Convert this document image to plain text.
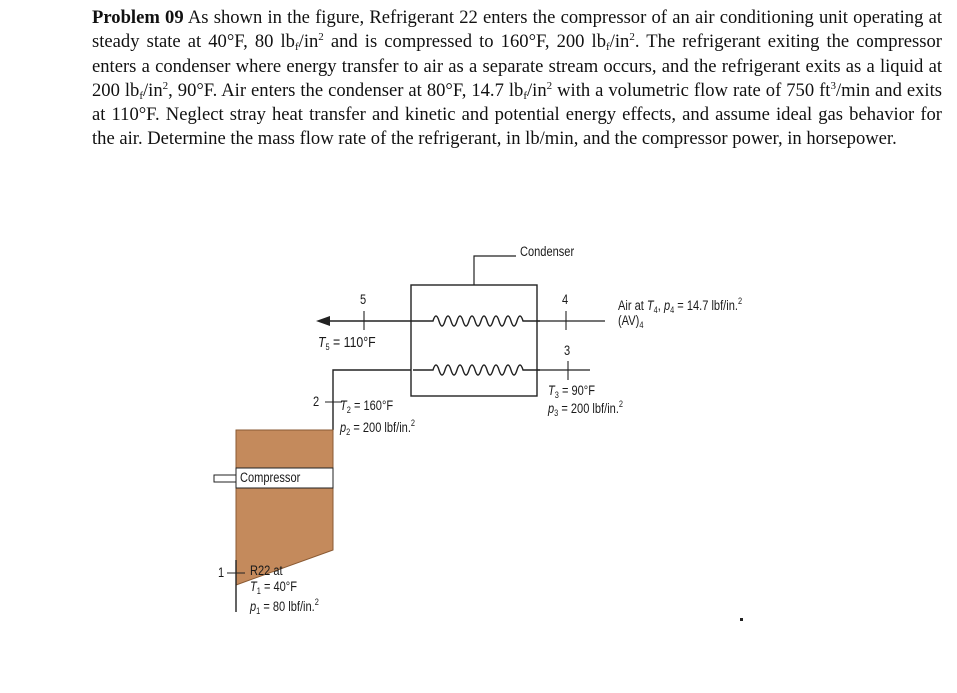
Problem 09 As shown in the figure, Refrigerant 22 enters the compressor of an air conditioning unit operating at steady state at 40°F, 80 $lb_f/in^2$ and is compressed to 160°F, 200 $lb_f/in^2$. The refrigerant exiting the compressor enters a condenser where energy transfer to air as a separate stream occurs, and the refrigerant exits as a liquid at 200 $lb_f/in^2$, 90°F. Air enters the condenser at 80°F, 14.7 $lb_f/in^2$ with a volumetric flow rate of 750 $ft^3/\min$ and exits at 110°F. Neglect stray heat transfer and kinetic and potential energy effects, and assume ideal gas behavior for the air. Determine the mass flow rate of the refrigerant, in lb/min, and the compressor power, in horsepower.
Condenser
Compressor
5	4
3
2
1
$T_5 = 110^\circ F$
Air at $T_4$, $p_4 = 14.7$ lbf/in.$^2$
$(AV)_4$
$T_3 = 90^\circ F$
$p_3 = 200$ lbf/in.$^2$
$T_2 = 160^\circ F$
$p_2 = 200$ lbf/in.$^2$
R22 at
$T_1 = 40^\circ F$
$p_1 = 80$ lbf/in.$^2$
